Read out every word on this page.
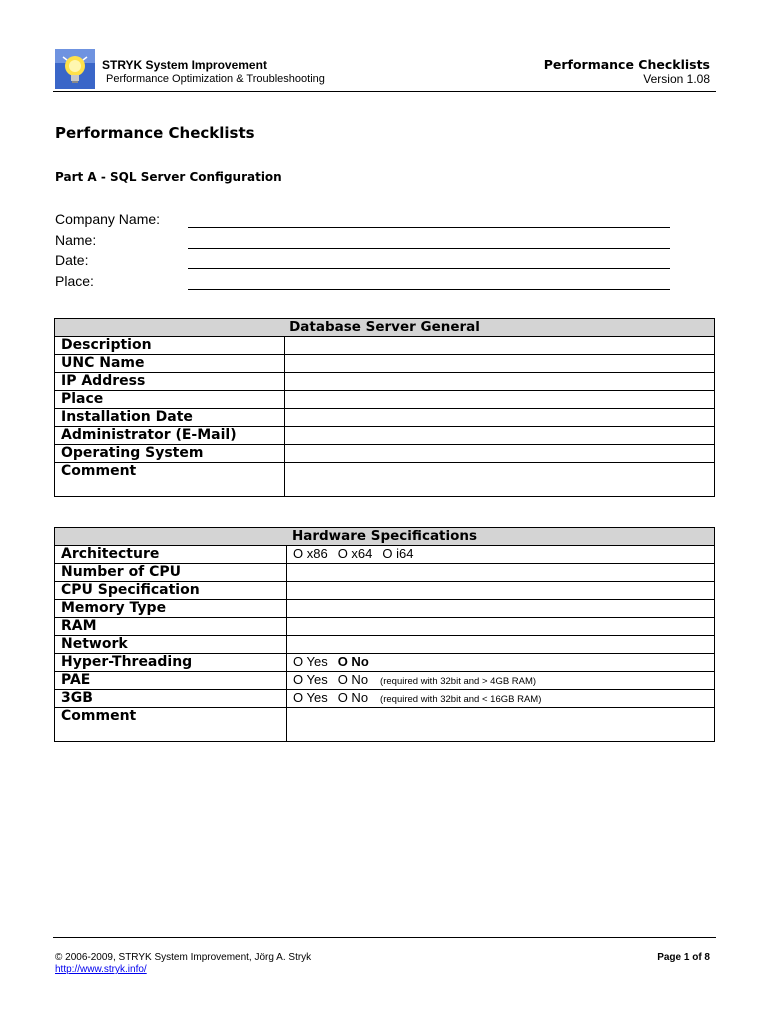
STRYK System Improvement
Performance Optimization & Troubleshooting
Performance Checklists
Version 1.08
Performance Checklists
Part A - SQL Server Configuration
Company Name:
Name:
Date:
Place:
Database Server General	
Description	
UNC Name	
IP Address	
Place	
Installation Date	
Administrator (E-Mail)	
Operating System	
Comment	
Hardware Specifications	
Architecture	O x86 O x64 O i64
Number of CPU	
CPU Specification	
Memory Type	
RAM	
Network	
Hyper-Threading	O Yes O No
PAE	O Yes O No (required with 32bit and > 4GB RAM)
3GB	O Yes O No (required with 32bit and < 16GB RAM)
Comment	
© 2006-2009, STRYK System Improvement, Jörg A. Stryk
http://www.stryk.info/
Page 1 of 8
